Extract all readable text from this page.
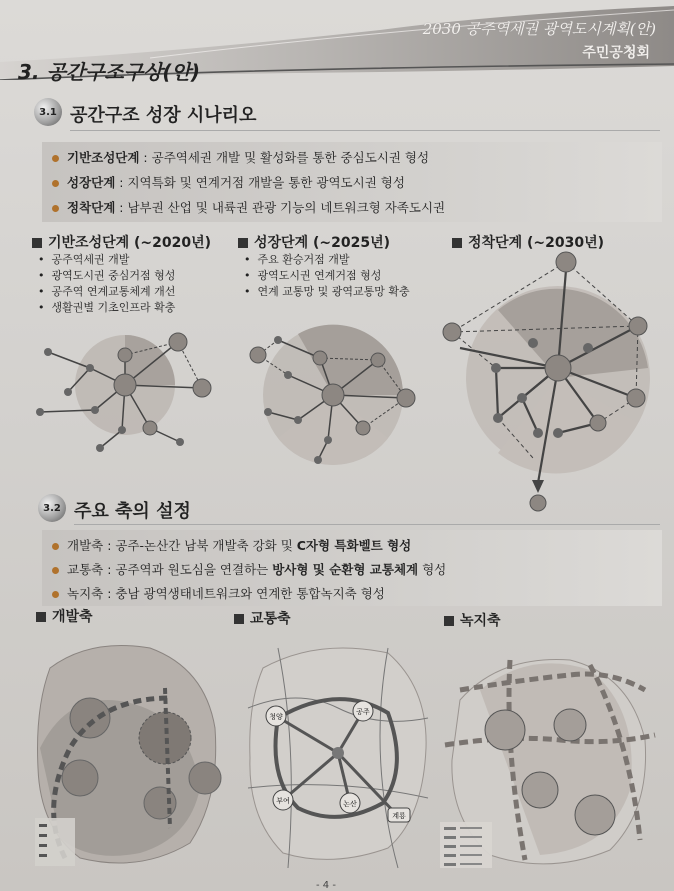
2030 공주역세권 광역도시계획(안)
주민공청회
3. 공간구조구상(안)
3.1 공간구조 성장 시나리오
기반조성단계 : 공주역세권 개발 및 활성화를 통한 중심도시권 형성
성장단계 : 지역특화 및 연계거점 개발을 통한 광역도시권 형성
정착단계 : 남부권 산업 및 내륙권 관광 기능의 네트워크형 자족도시권
기반조성단계 (~2020년)
•  공주역세권 개발
•  광역도시권 중심거점 형성
•  공주역 연계교통체계 개선
•  생활권별 기초인프라 확충
성장단계 (~2025년)
•  주요 환승거점 개발
•  광역도시권 연계거점 형성
•  연계 교통망 및 광역교통망 확충
정착단계 (~2030년)
3.2 주요 축의 설정
개발축 : 공주-논산간 남북 개발축 강화 및 C자형 특화벨트 형성
교통축 : 공주역과 원도심을 연결하는 방사형 및 순환형 교통체계 형성
녹지축 : 충남 광역생태네트워크와 연계한 통합녹지축 형성
개발축	교통축	녹지축
공주
청양
부여	논산
계룡
- 4 -
